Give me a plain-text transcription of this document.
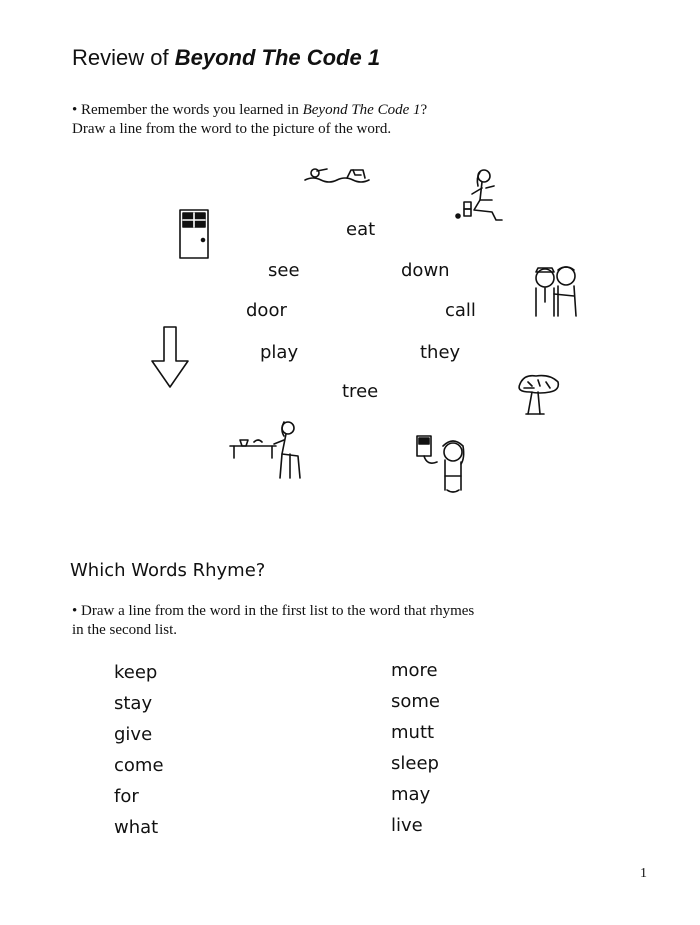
Review of Beyond The Code 1
• Remember the words you learned in Beyond The Code 1?
Draw a line from the word to the picture of the word.
eat
see	down
door	call
play	they
tree
Which Words Rhyme?
• Draw a line from the word in the first list to the word that rhymes
in the second list.
keep
stay
give
come
for
what
more
some
mutt
sleep
may
live
1
